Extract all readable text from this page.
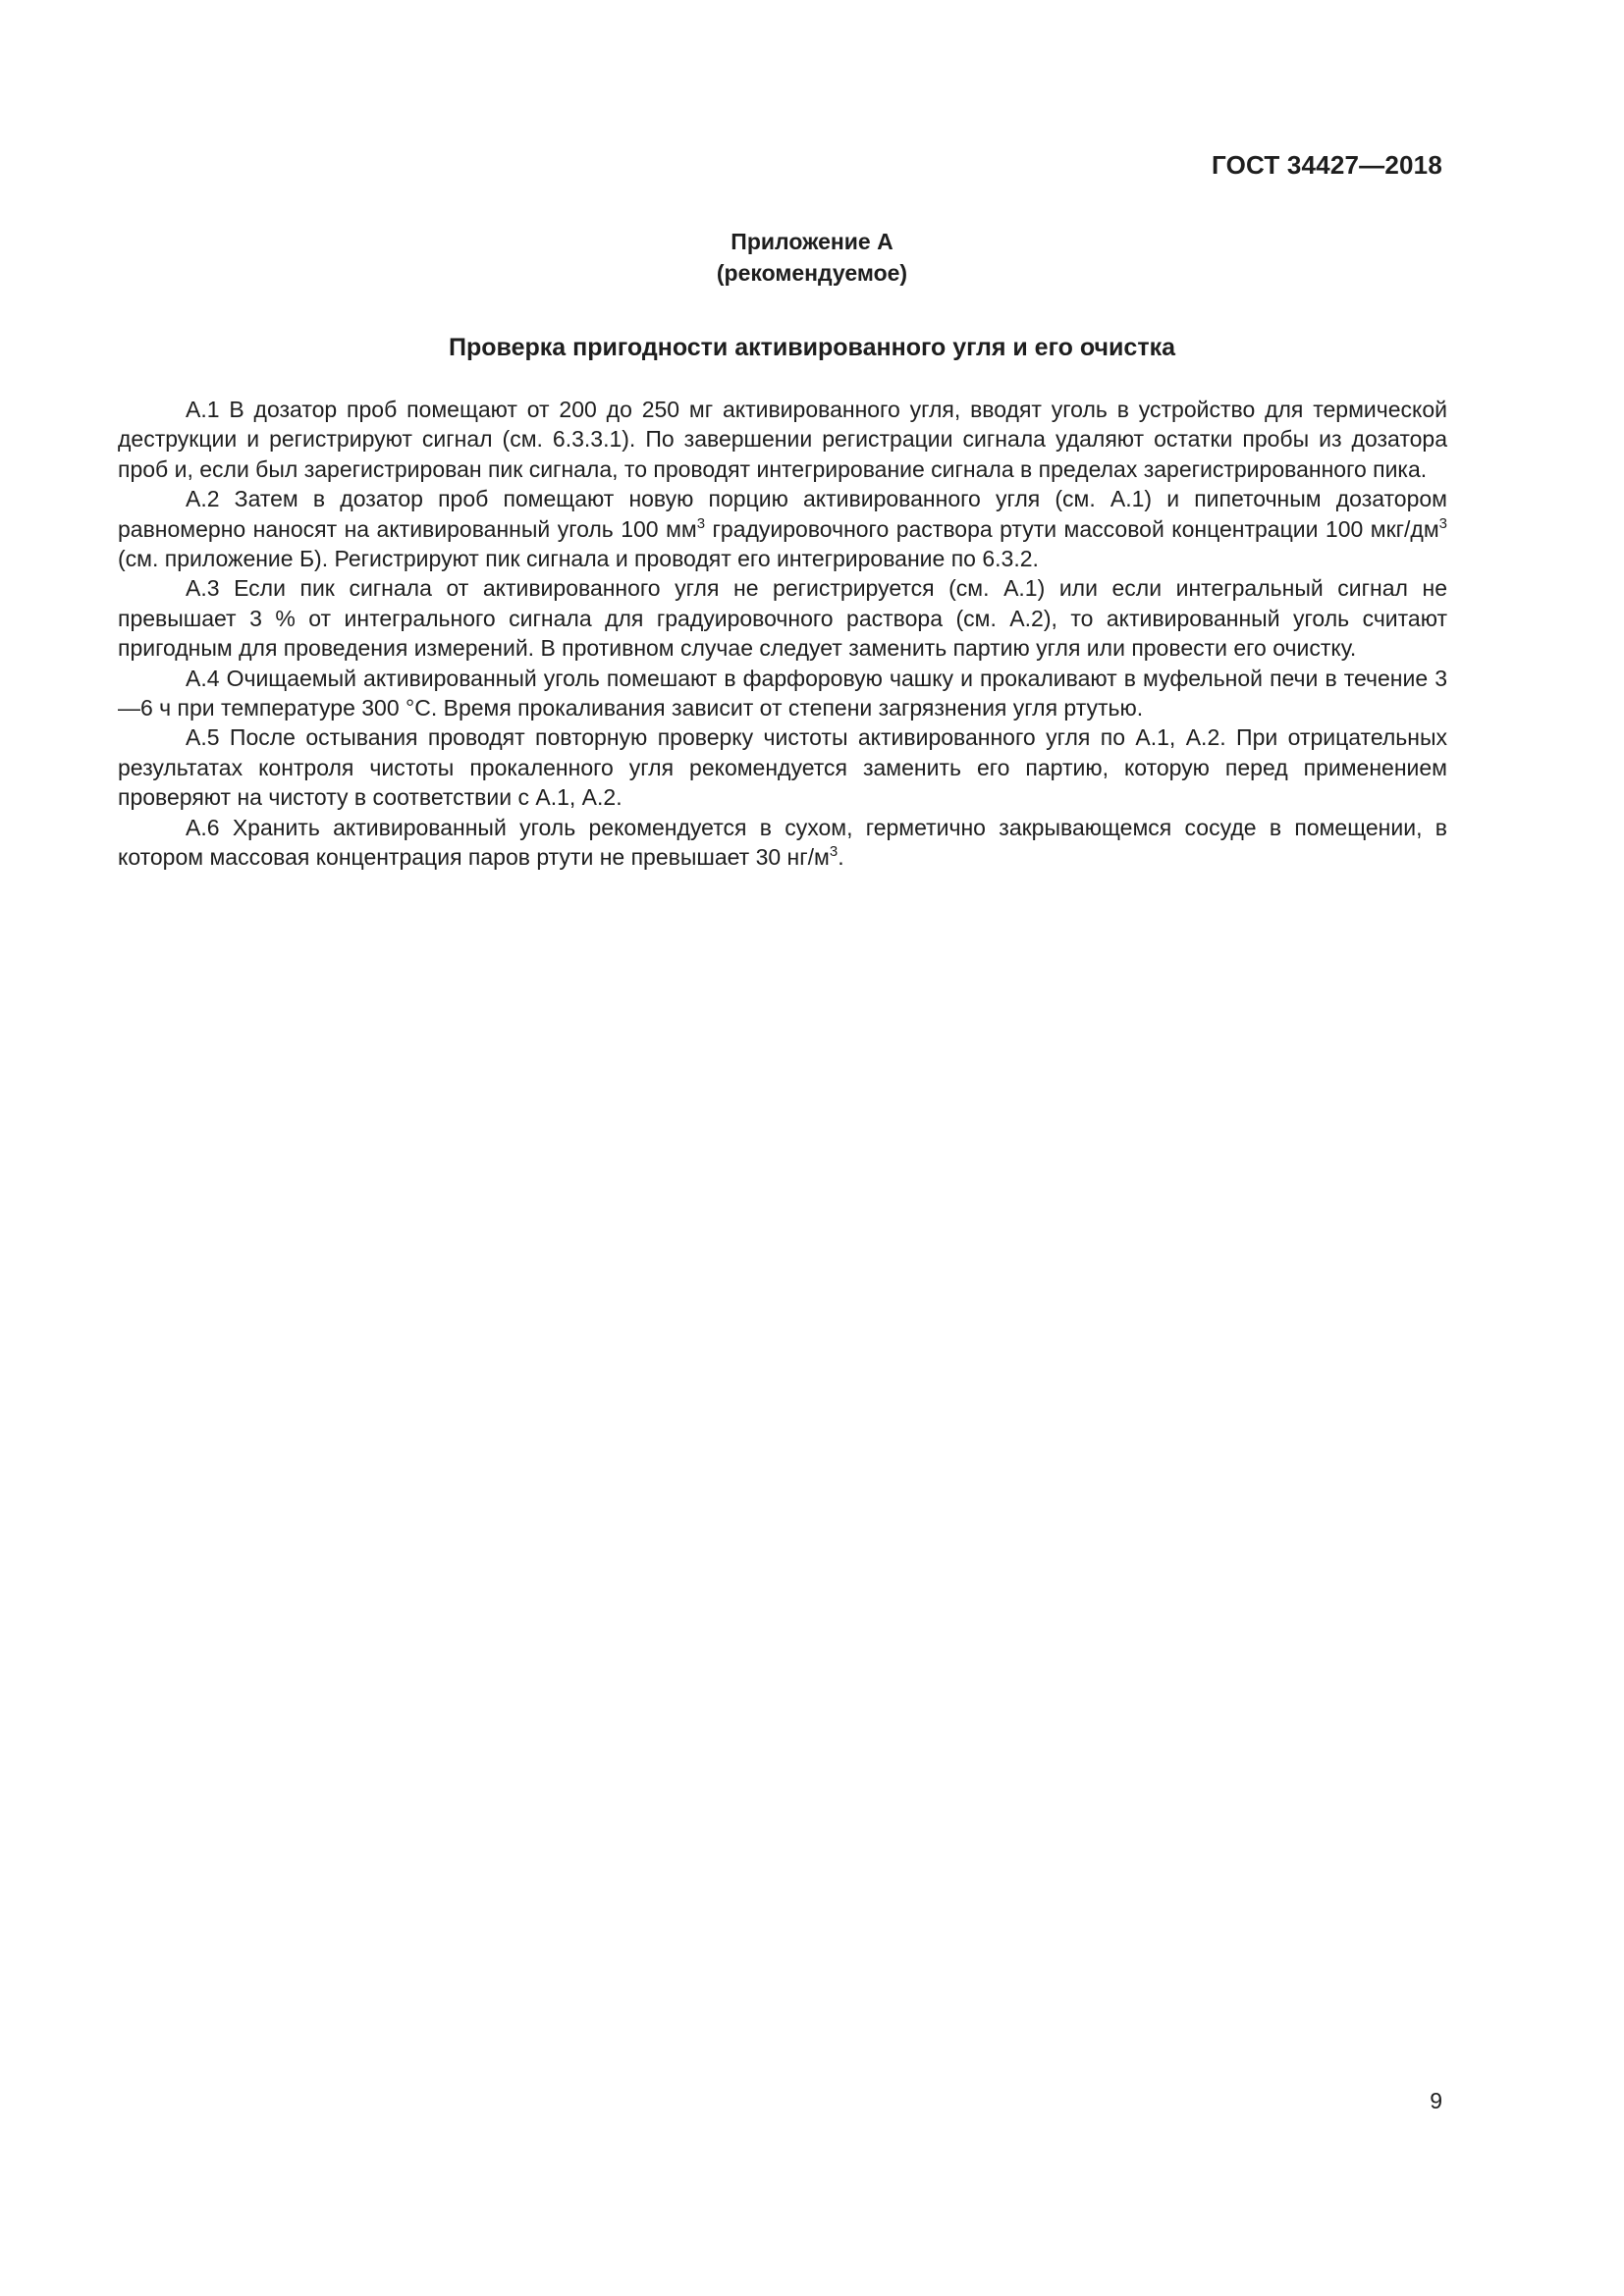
ГОСТ 34427—2018
Приложение А
(рекомендуемое)
Проверка пригодности активированного угля и его очистка

А.1 В дозатор проб помещают от 200 до 250 мг активированного угля, вводят уголь в устройство для термической деструкции и регистрируют сигнал (см. 6.3.3.1). По завершении регистрации сигнала удаляют остатки пробы из дозатора проб и, если был зарегистрирован пик сигнала, то проводят интегрирование сигнала в пределах зарегистрированного пика.

А.2 Затем в дозатор проб помещают новую порцию активированного угля (см. А.1) и пипеточным дозатором равномерно наносят на активированный уголь 100 $мм^3$ градуировочного раствора ртути массовой концентрации 100 мкг/$дм^3$ (см. приложение Б). Регистрируют пик сигнала и проводят его интегрирование по 6.3.2.

А.3 Если пик сигнала от активированного угля не регистрируется (см. А.1) или если интегральный сигнал не превышает 3 % от интегрального сигнала для градуировочного раствора (см. А.2), то активированный уголь считают пригодным для проведения измерений. В противном случае следует заменить партию угля или провести его очистку.

А.4 Очищаемый активированный уголь помешают в фарфоровую чашку и прокаливают в муфельной печи в течение 3—6 ч при температуре 300 °С. Время прокаливания зависит от степени загрязнения угля ртутью.

А.5 После остывания проводят повторную проверку чистоты активированного угля по А.1, А.2. При отрицательных результатах контроля чистоты прокаленного угля рекомендуется заменить его партию, которую перед применением проверяют на чистоту в соответствии с А.1, А.2.

А.6 Хранить активированный уголь рекомендуется в сухом, герметично закрывающемся сосуде в помещении, в котором массовая концентрация паров ртути не превышает 30 $нг/м^3$.

9
